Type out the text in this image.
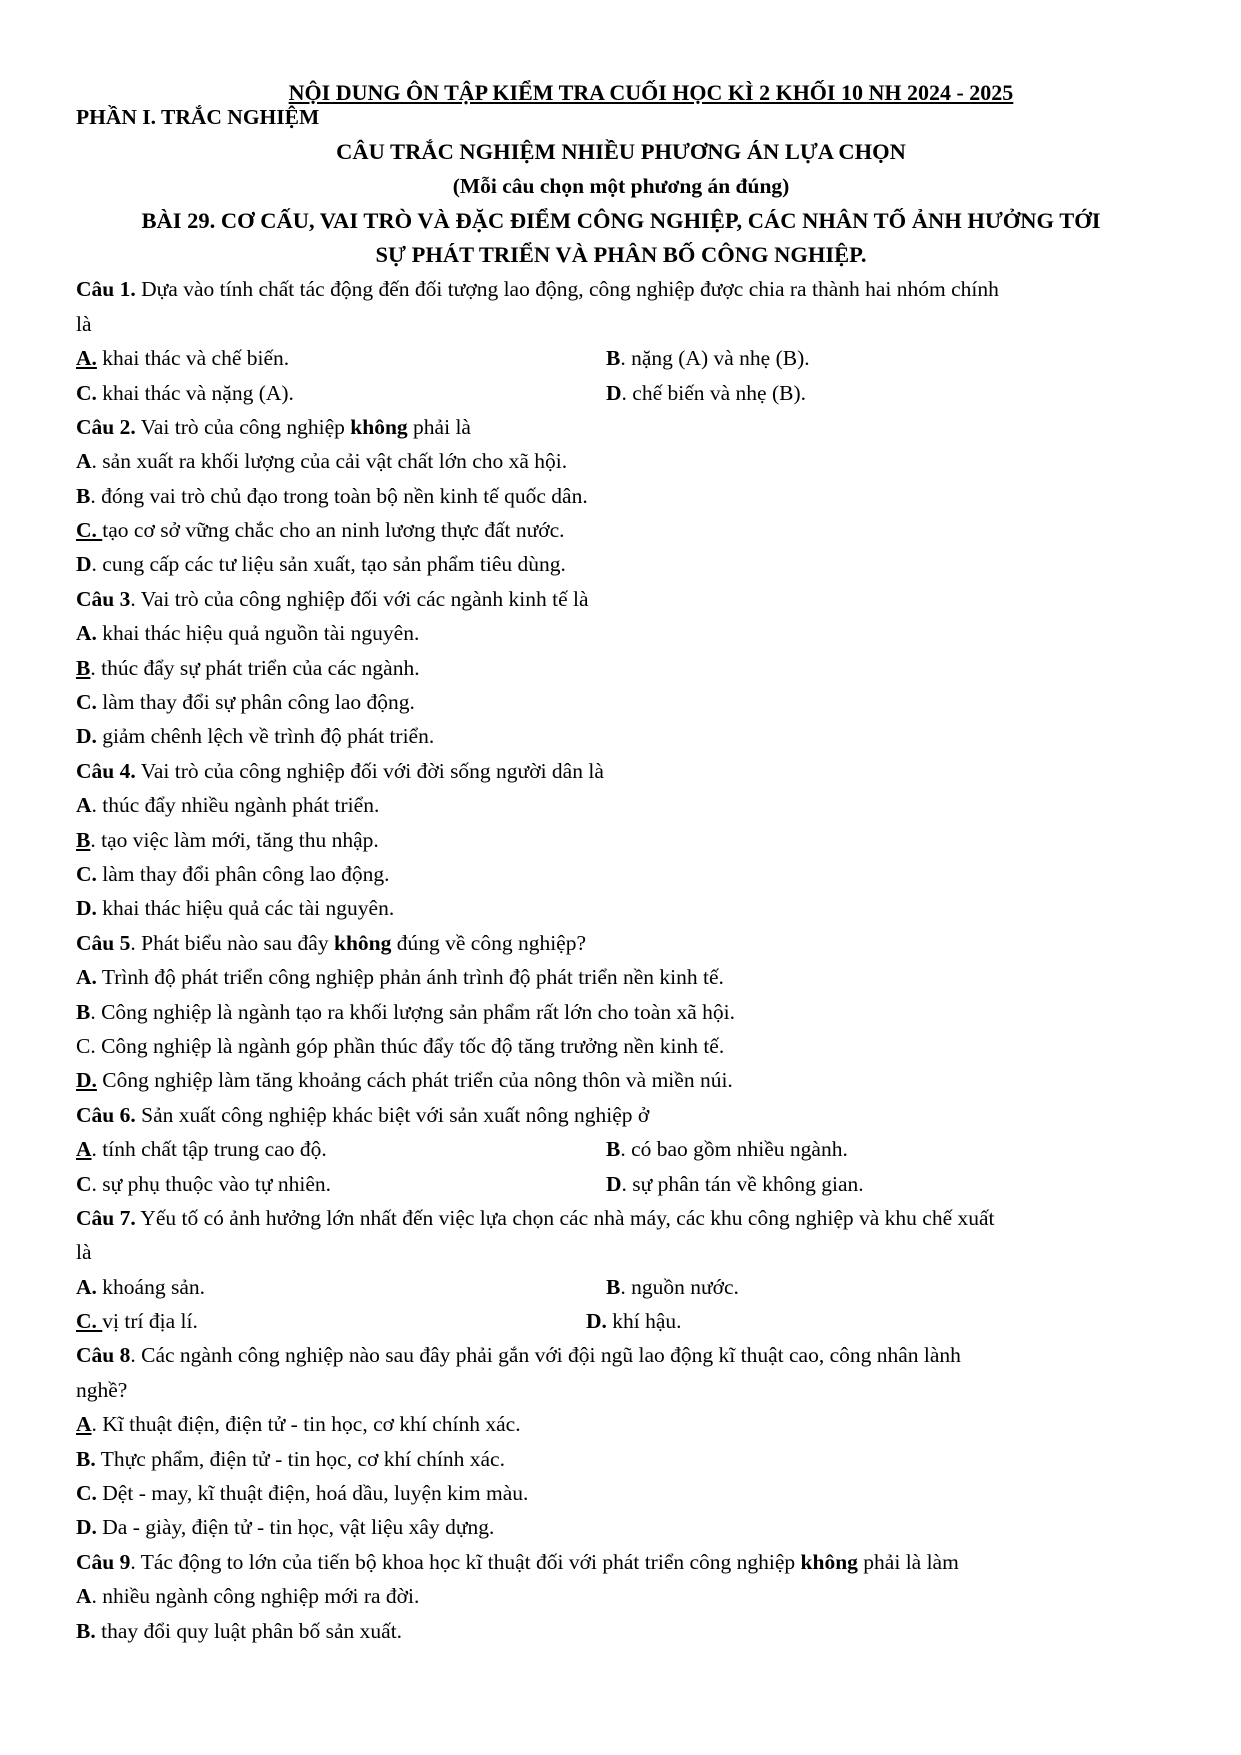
NỘI DUNG ÔN TẬP KIỂM TRA CUỐI HỌC KÌ 2 KHỐI 10 NH 2024 - 2025
PHẦN I. TRẮC NGHIỆM
CÂU TRẮC NGHIỆM NHIỀU PHƯƠNG ÁN LỰA CHỌN
(Mỗi câu chọn một phương án đúng)
BÀI 29. CƠ CẤU, VAI TRÒ VÀ ĐẶC ĐIỂM CÔNG NGHIỆP, CÁC NHÂN TỐ ẢNH HƯỞNG TỚI
SỰ PHÁT TRIỂN VÀ PHÂN BỐ CÔNG NGHIỆP.
Câu 1. Dựa vào tính chất tác động đến đối tượng lao động, công nghiệp được chia ra thành hai nhóm chính
là
A. khai thác và chế biến.	B. nặng (A) và nhẹ (B).
C. khai thác và nặng (A).	D. chế biến và nhẹ (B).
Câu 2. Vai trò của công nghiệp không phải là
A. sản xuất ra khối lượng của cải vật chất lớn cho xã hội.
B. đóng vai trò chủ đạo trong toàn bộ nền kinh tế quốc dân.
C. tạo cơ sở vững chắc cho an ninh lương thực đất nước.
D. cung cấp các tư liệu sản xuất, tạo sản phẩm tiêu dùng.
Câu 3. Vai trò của công nghiệp đối với các ngành kinh tế là
A. khai thác hiệu quả nguồn tài nguyên.
B. thúc đẩy sự phát triển của các ngành.
C. làm thay đổi sự phân công lao động.
D. giảm chênh lệch về trình độ phát triển.
Câu 4. Vai trò của công nghiệp đối với đời sống người dân là
A. thúc đẩy nhiều ngành phát triển.
B. tạo việc làm mới, tăng thu nhập.
C. làm thay đổi phân công lao động.
D. khai thác hiệu quả các tài nguyên.
Câu 5. Phát biểu nào sau đây không đúng về công nghiệp?
A. Trình độ phát triển công nghiệp phản ánh trình độ phát triển nền kinh tế.
B. Công nghiệp là ngành tạo ra khối lượng sản phẩm rất lớn cho toàn xã hội.
C. Công nghiệp là ngành góp phần thúc đẩy tốc độ tăng trưởng nền kinh tế.
D. Công nghiệp làm tăng khoảng cách phát triển của nông thôn và miền núi.
Câu 6. Sản xuất công nghiệp khác biệt với sản xuất nông nghiệp ở
A. tính chất tập trung cao độ.	B. có bao gồm nhiều ngành.
C. sự phụ thuộc vào tự nhiên.	D. sự phân tán về không gian.
Câu 7. Yếu tố có ảnh hưởng lớn nhất đến việc lựa chọn các nhà máy, các khu công nghiệp và khu chế xuất
là
A. khoáng sản.	B. nguồn nước.
C. vị trí địa lí.	D. khí hậu.
Câu 8. Các ngành công nghiệp nào sau đây phải gắn với đội ngũ lao động kĩ thuật cao, công nhân lành
nghề?
A. Kĩ thuật điện, điện tử - tin học, cơ khí chính xác.
B. Thực phẩm, điện tử - tin học, cơ khí chính xác.
C. Dệt - may, kĩ thuật điện, hoá dầu, luyện kim màu.
D. Da - giày, điện tử - tin học, vật liệu xây dựng.
Câu 9. Tác động to lớn của tiến bộ khoa học kĩ thuật đối với phát triển công nghiệp không phải là làm
A. nhiều ngành công nghiệp mới ra đời.
B. thay đổi quy luật phân bố sản xuất.
